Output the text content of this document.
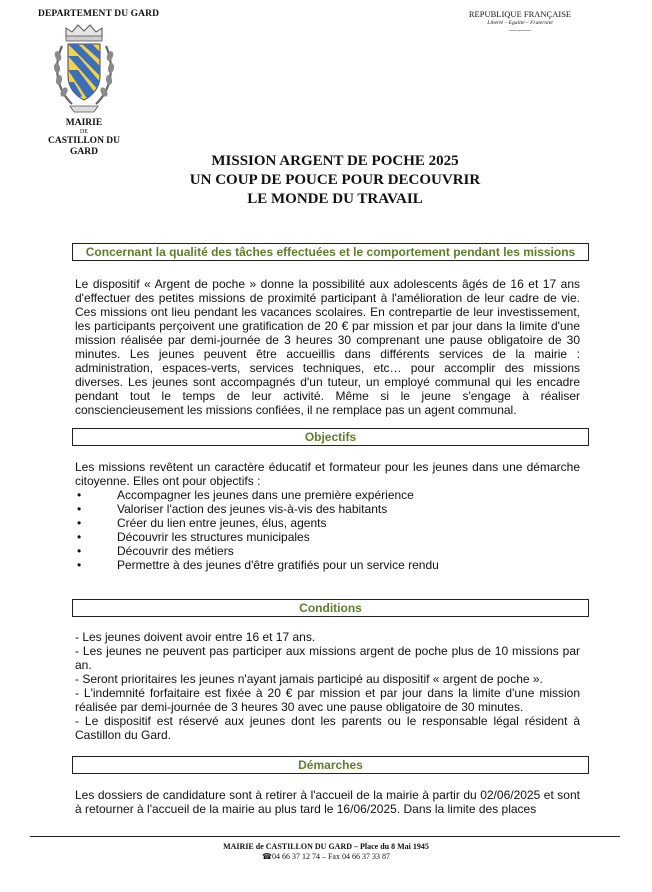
DEPARTEMENT DU GARD	REPUBLIQUE FRANÇAISE
Liberté – Egalité – Fraternité
-----------
MAIRIE
DE
CASTILLON DU GARD
MISSION ARGENT DE POCHE 2025
UN COUP DE POUCE POUR DECOUVRIR
LE MONDE DU TRAVAIL
Concernant la qualité des tâches effectuées et le comportement pendant les missions

Le dispositif « Argent de poche » donne la possibilité aux adolescents âgés de 16 et 17 ans d'effectuer des petites missions de proximité participant à l'amélioration de leur cadre de vie. Ces missions ont lieu pendant les vacances scolaires. En contrepartie de leur investissement, les participants perçoivent une gratification de 20 € par mission et par jour dans la limite d'une mission réalisée par demi-journée de 3 heures 30 comprenant une pause obligatoire de 30 minutes. Les jeunes peuvent être accueillis dans différents services de la mairie : administration, espaces-verts, services techniques, etc… pour accomplir des missions diverses. Les jeunes sont accompagnés d'un tuteur, un employé communal qui les encadre pendant tout le temps de leur activité. Même si le jeune s'engage à réaliser consciencieusement les missions confiées, il ne remplace pas un agent communal.

Objectifs

Les missions revêtent un caractère éducatif et formateur pour les jeunes dans une démarche citoyenne. Elles ont pour objectifs :

•	Accompagner les jeunes dans une première expérience
•	Valoriser l'action des jeunes vis-à-vis des habitants
•	Créer du lien entre jeunes, élus, agents
•	Découvrir les structures municipales
•	Découvrir des métiers
•	Permettre à des jeunes d'être gratifiés pour un service rendu
Conditions

- Les jeunes doivent avoir entre 16 et 17 ans.

- Les jeunes ne peuvent pas participer aux missions argent de poche plus de 10 missions par an.

- Seront prioritaires les jeunes n'ayant jamais participé au dispositif « argent de poche ».

- L'indemnité forfaitaire est fixée à 20 € par mission et par jour dans la limite d'une mission réalisée par demi-journée de 3 heures 30 avec une pause obligatoire de 30 minutes.

- Le dispositif est réservé aux jeunes dont les parents ou le responsable légal résident à Castillon du Gard.

Démarches

Les dossiers de candidature sont à retirer à l'accueil de la mairie à partir du 02/06/2025 et sont à retourner à l'accueil de la mairie au plus tard le 16/06/2025. Dans la limite des places

MAIRIE de CASTILLON DU GARD – Place du 8 Mai 1945
☎04 66 37 12 74 – Fax 04 66 37 33 87
